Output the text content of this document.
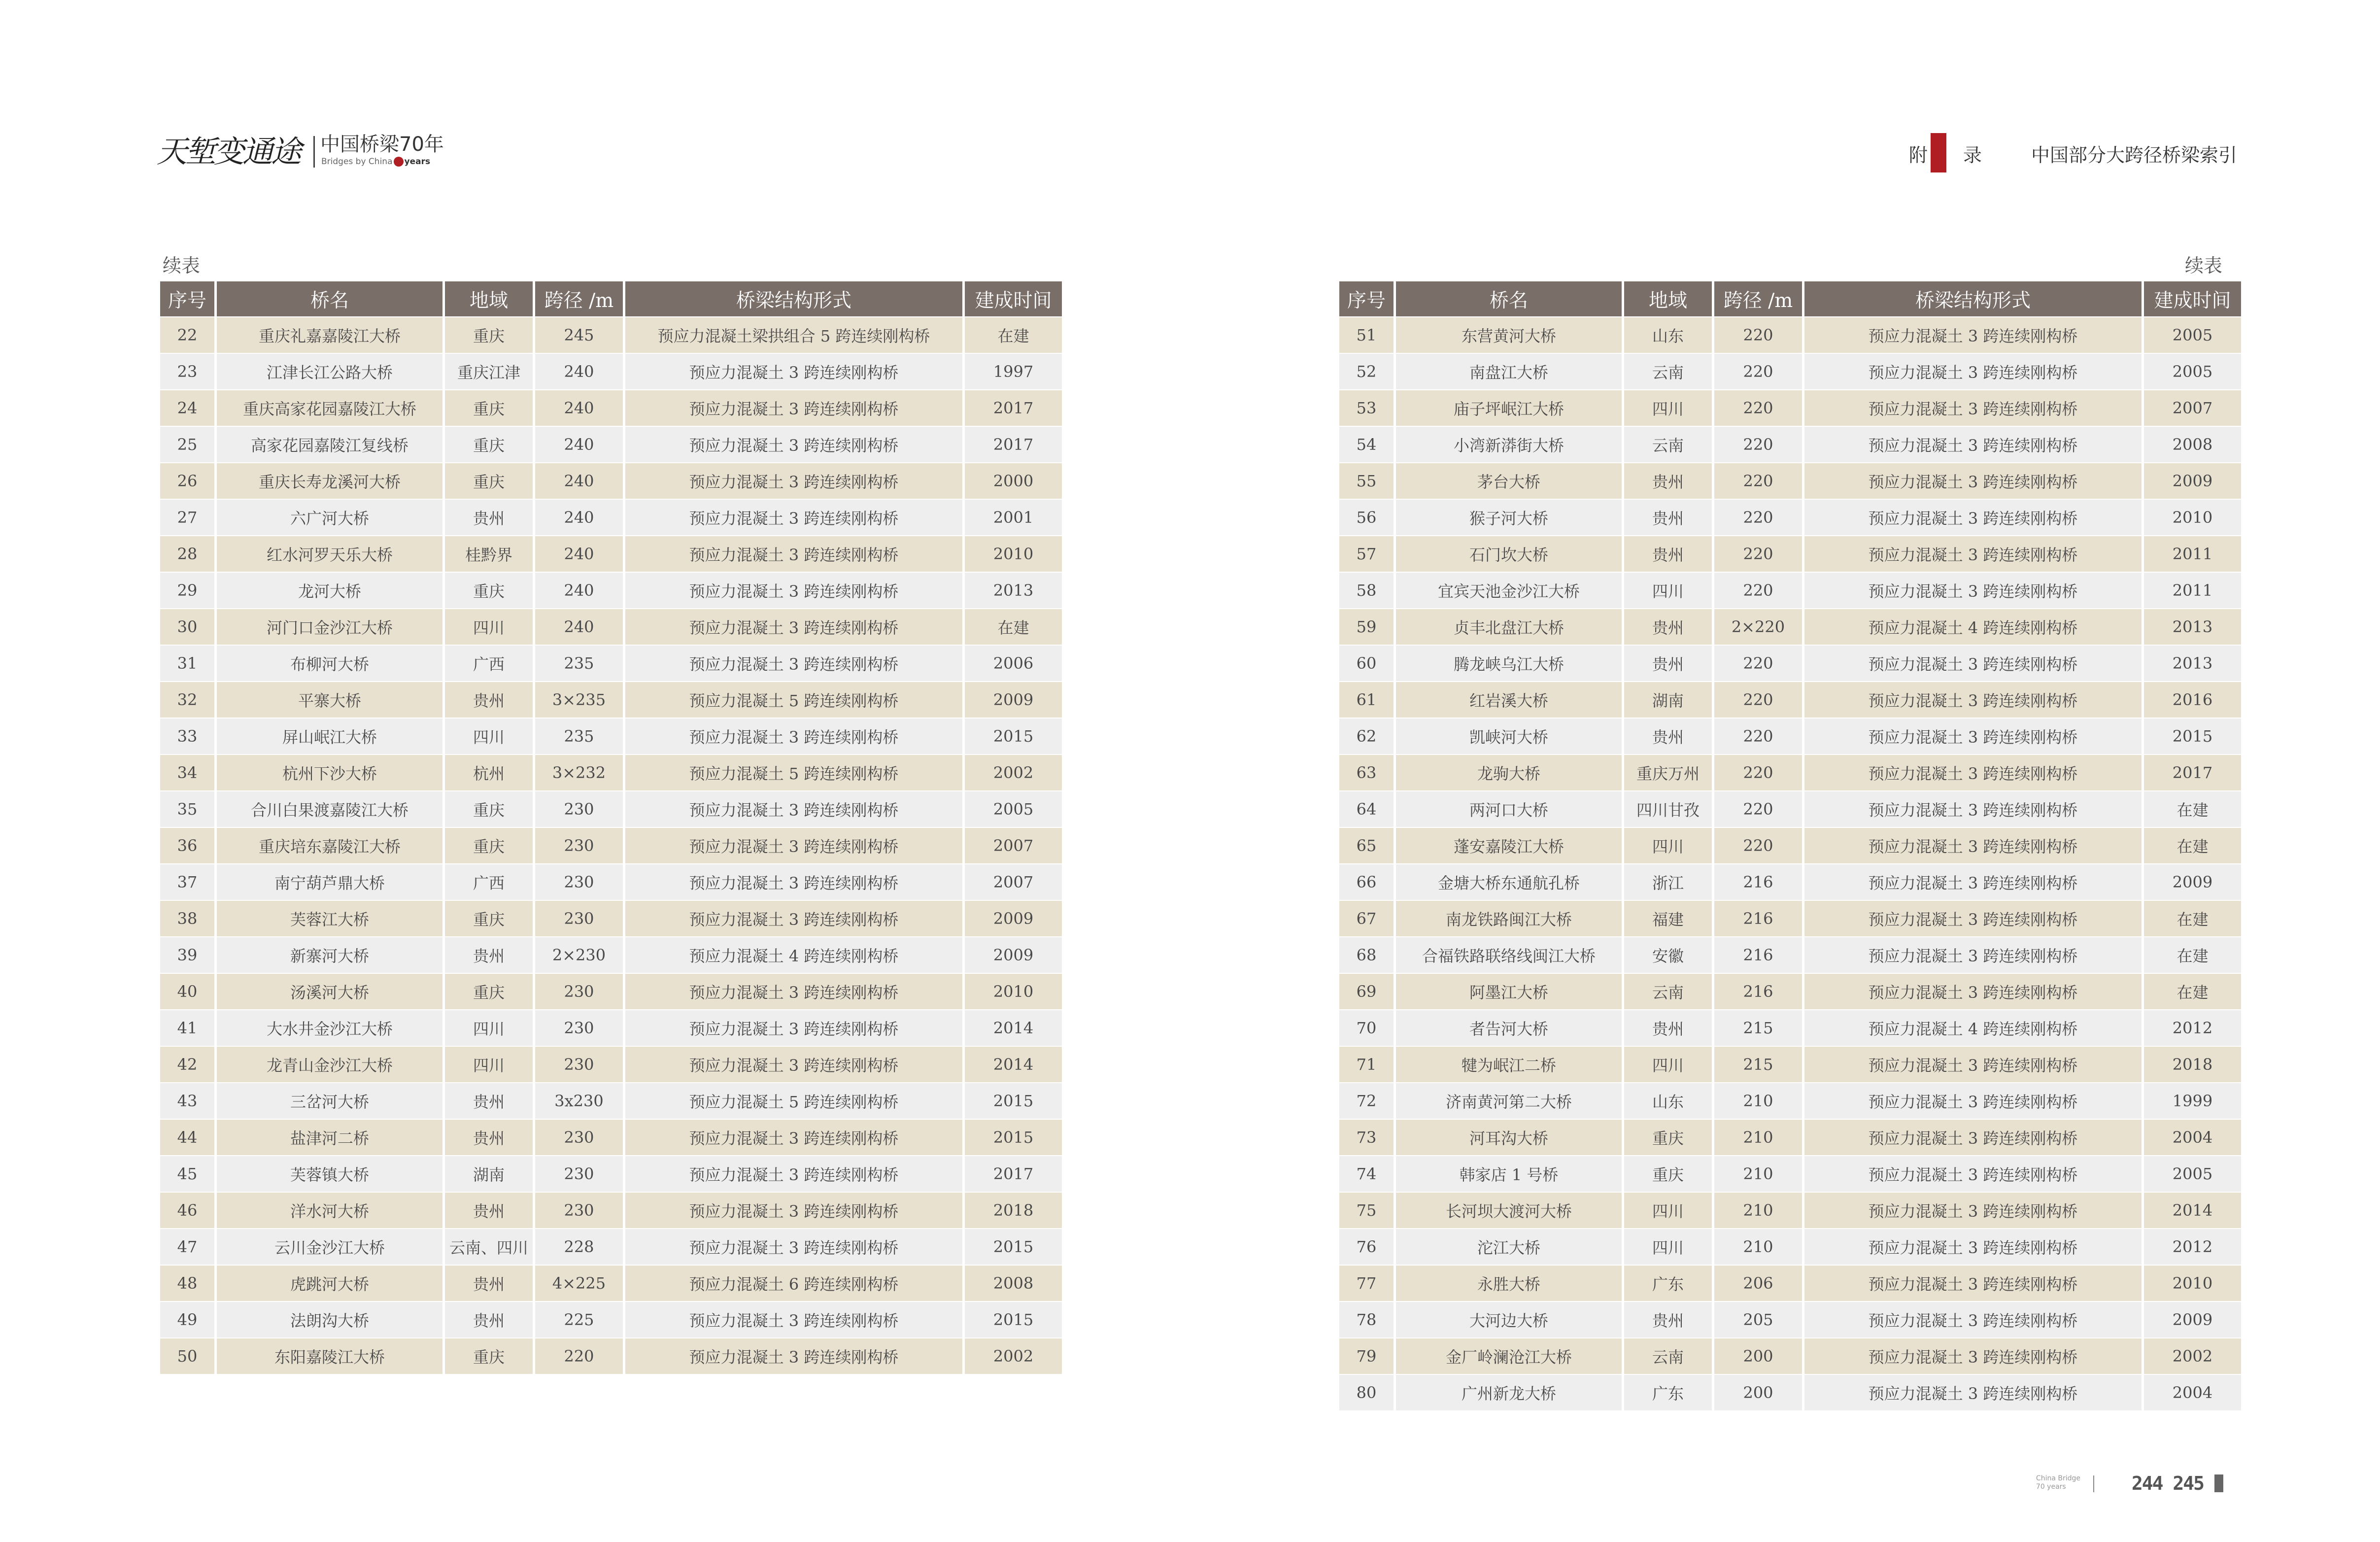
天堑变通途	中国桥梁70年
Bridges by China years	附 录 中国部分大跨径桥梁索引
续表	续表
序号	桥名	地域	跨径 /m	桥梁结构形式	建成时间
22	重庆礼嘉嘉陵江大桥	重庆	245	预应力混凝土梁拱组合 5 跨连续刚构桥	在建
23	江津长江公路大桥	重庆江津	240	预应力混凝土 3 跨连续刚构桥	1997
24	重庆高家花园嘉陵江大桥	重庆	240	预应力混凝土 3 跨连续刚构桥	2017
25	高家花园嘉陵江复线桥	重庆	240	预应力混凝土 3 跨连续刚构桥	2017
26	重庆长寿龙溪河大桥	重庆	240	预应力混凝土 3 跨连续刚构桥	2000
27	六广河大桥	贵州	240	预应力混凝土 3 跨连续刚构桥	2001
28	红水河罗天乐大桥	桂黔界	240	预应力混凝土 3 跨连续刚构桥	2010
29	龙河大桥	重庆	240	预应力混凝土 3 跨连续刚构桥	2013
30	河门口金沙江大桥	四川	240	预应力混凝土 3 跨连续刚构桥	在建
31	布柳河大桥	广西	235	预应力混凝土 3 跨连续刚构桥	2006
32	平寨大桥	贵州	3×235	预应力混凝土 5 跨连续刚构桥	2009
33	屏山岷江大桥	四川	235	预应力混凝土 3 跨连续刚构桥	2015
34	杭州下沙大桥	杭州	3×232	预应力混凝土 5 跨连续刚构桥	2002
35	合川白果渡嘉陵江大桥	重庆	230	预应力混凝土 3 跨连续刚构桥	2005
36	重庆培东嘉陵江大桥	重庆	230	预应力混凝土 3 跨连续刚构桥	2007
37	南宁葫芦鼎大桥	广西	230	预应力混凝土 3 跨连续刚构桥	2007
38	芙蓉江大桥	重庆	230	预应力混凝土 3 跨连续刚构桥	2009
39	新寨河大桥	贵州	2×230	预应力混凝土 4 跨连续刚构桥	2009
40	汤溪河大桥	重庆	230	预应力混凝土 3 跨连续刚构桥	2010
41	大水井金沙江大桥	四川	230	预应力混凝土 3 跨连续刚构桥	2014
42	龙青山金沙江大桥	四川	230	预应力混凝土 3 跨连续刚构桥	2014
43	三岔河大桥	贵州	3x230	预应力混凝土 5 跨连续刚构桥	2015
44	盐津河二桥	贵州	230	预应力混凝土 3 跨连续刚构桥	2015
45	芙蓉镇大桥	湖南	230	预应力混凝土 3 跨连续刚构桥	2017
46	洋水河大桥	贵州	230	预应力混凝土 3 跨连续刚构桥	2018
47	云川金沙江大桥	云南、四川	228	预应力混凝土 3 跨连续刚构桥	2015
48	虎跳河大桥	贵州	4×225	预应力混凝土 6 跨连续刚构桥	2008
49	法朗沟大桥	贵州	225	预应力混凝土 3 跨连续刚构桥	2015
50	东阳嘉陵江大桥	重庆	220	预应力混凝土 3 跨连续刚构桥	2002
序号	桥名	地域	跨径 /m	桥梁结构形式	建成时间
51	东营黄河大桥	山东	220	预应力混凝土 3 跨连续刚构桥	2005
52	南盘江大桥	云南	220	预应力混凝土 3 跨连续刚构桥	2005
53	庙子坪岷江大桥	四川	220	预应力混凝土 3 跨连续刚构桥	2007
54	小湾新漭街大桥	云南	220	预应力混凝土 3 跨连续刚构桥	2008
55	茅台大桥	贵州	220	预应力混凝土 3 跨连续刚构桥	2009
56	猴子河大桥	贵州	220	预应力混凝土 3 跨连续刚构桥	2010
57	石门坎大桥	贵州	220	预应力混凝土 3 跨连续刚构桥	2011
58	宜宾天池金沙江大桥	四川	220	预应力混凝土 3 跨连续刚构桥	2011
59	贞丰北盘江大桥	贵州	2×220	预应力混凝土 4 跨连续刚构桥	2013
60	腾龙峡乌江大桥	贵州	220	预应力混凝土 3 跨连续刚构桥	2013
61	红岩溪大桥	湖南	220	预应力混凝土 3 跨连续刚构桥	2016
62	凯峡河大桥	贵州	220	预应力混凝土 3 跨连续刚构桥	2015
63	龙驹大桥	重庆万州	220	预应力混凝土 3 跨连续刚构桥	2017
64	两河口大桥	四川甘孜	220	预应力混凝土 3 跨连续刚构桥	在建
65	蓬安嘉陵江大桥	四川	220	预应力混凝土 3 跨连续刚构桥	在建
66	金塘大桥东通航孔桥	浙江	216	预应力混凝土 3 跨连续刚构桥	2009
67	南龙铁路闽江大桥	福建	216	预应力混凝土 3 跨连续刚构桥	在建
68	合福铁路联络线闽江大桥	安徽	216	预应力混凝土 3 跨连续刚构桥	在建
69	阿墨江大桥	云南	216	预应力混凝土 3 跨连续刚构桥	在建
70	者告河大桥	贵州	215	预应力混凝土 4 跨连续刚构桥	2012
71	犍为岷江二桥	四川	215	预应力混凝土 3 跨连续刚构桥	2018
72	济南黄河第二大桥	山东	210	预应力混凝土 3 跨连续刚构桥	1999
73	河耳沟大桥	重庆	210	预应力混凝土 3 跨连续刚构桥	2004
74	韩家店 1 号桥	重庆	210	预应力混凝土 3 跨连续刚构桥	2005
75	长河坝大渡河大桥	四川	210	预应力混凝土 3 跨连续刚构桥	2014
76	沱江大桥	四川	210	预应力混凝土 3 跨连续刚构桥	2012
77	永胜大桥	广东	206	预应力混凝土 3 跨连续刚构桥	2010
78	大河边大桥	贵州	205	预应力混凝土 3 跨连续刚构桥	2009
79	金厂岭澜沧江大桥	云南	200	预应力混凝土 3 跨连续刚构桥	2002
80	广州新龙大桥	广东	200	预应力混凝土 3 跨连续刚构桥	2004
China Bridge
70 years	244 245
